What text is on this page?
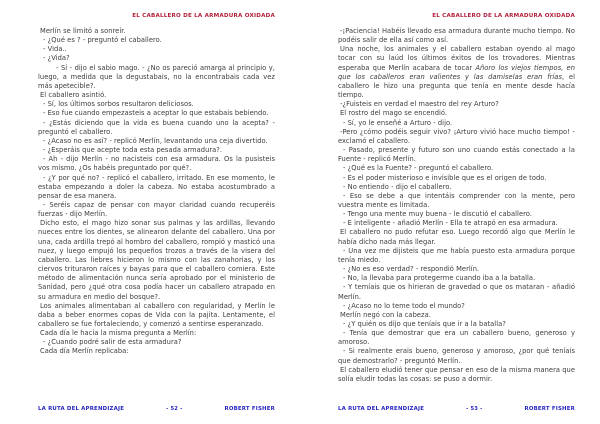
EL CABALLERO DE LA ARMADURA OXIDADA

Merlín se limitó a sonreír.

- ¿Qué es ? - preguntó el caballero.

- Vida..

- ¿Vida?

- Sí - dijo el sabio mago. - ¿No os pareció amarga al principio y, luego, a medida que la degustabais, no la encontrabais cada vez más apetecible?.

El caballero asintió.

- Sí, los últimos sorbos resultaron deliciosos.

- Eso fue cuando empezasteis a aceptar lo que estabais bebiendo.

- ¿Estás diciendo que la vida es buena cuando uno la acepta? - preguntó el caballero.

- ¿Acaso no es así? - replicó Merlín, levantando una ceja divertido.

- ¿Esperáis que acepte toda esta pesada armadura?.

- Ah - dijo Merlín - no nacisteis con esa armadura. Os la pusisteis vos mismo. ¿Os habéis preguntado por qué?.

- ¿Y por qué no? - replicó el caballero, irritado. En ese momento, le estaba empezando a doler la cabeza. No estaba acostumbrado a pensar de esa manera.

- Seréis capaz de pensar con mayor claridad cuando recuperéis fuerzas - dijo Merlín.

Dicho esto, el mago hizo sonar sus palmas y las ardillas, llevando nueces entre los dientes, se alinearon delante del caballero. Una por una, cada ardilla trepó al hombro del caballero, rompió y masticó una nuez, y luego empujó los pequeños trozos a través de la visera del caballero. Las liebres hicieron lo mismo con las zanahorias, y los ciervos trituraron raíces y bayas para que el caballero comiera. Este método de alimentación nunca sería aprobado por el ministerio de Sanidad, pero ¿qué otra cosa podía hacer un caballero atrapado en su armadura en medio del bosque?.

Los animales alimentaban al caballero con regularidad, y Merlín le daba a beber enormes copas de Vida con la pajita. Lentamente, el caballero se fue fortaleciendo, y comenzó a sentirse esperanzado.

Cada día le hacía la misma pregunta a Merlín:

- ¿Cuando podré salir de esta armadura?

Cada día Merlín replicaba:

LA RUTA DEL APRENDIZAJE	- 52 -	ROBERT FISHER
EL CABALLERO DE LA ARMADURA OXIDADA

-¡Paciencia! Habéis llevado esa armadura durante mucho tiempo. No podéis salir de ella así como así.

Una noche, los animales y el caballero estaban oyendo al mago tocar con su laúd los últimos éxitos de los trovadores. Mientras esperaba que Merlín acabara de tocar Añoro los viejos tiempos, en que los caballeros eran valientes y las damiselas eran frías, el caballero le hizo una pregunta que tenía en mente desde hacía tiempo.

-¿Fuisteis en verdad el maestro del rey Arturo?

El rostro del mago se encendió.

- Sí, yo le enseñé a Arturo - dijo.

-Pero ¿cómo podéis seguir vivo? ¡Arturo vivió hace mucho tiempo! - exclamó el caballero.

- Pasado, presente y futuro son uno cuando estás conectado a la Fuente - replicó Merlín.

- ¿Qué es la Fuente? - preguntó el caballero.

- Es el poder misterioso e invisible que es el origen de todo.

- No entiendo - dijo el caballero.

- Eso se debe a que intentáis comprender con la mente, pero vuestra mente es limitada.

- Tengo una mente muy buena - le discutió el caballero.

- E inteligente - añadió Merlín - Ella te atrapó en esa armadura.

El caballero no pudo refutar eso. Luego recordó algo que Merlín le había dicho nada más llegar.

- Una vez me dijisteis que me había puesto esta armadura porque tenía miedo.

- ¿No es eso verdad? - respondió Merlín.

- No, la llevaba para protegerme cuando iba a la batalla.

- Y temíais que os hirieran de gravedad o que os mataran - añadió Merlín.

- ¿Acaso no lo teme todo el mundo?

Merlín negó con la cabeza.

- ¿Y quién os dijo que teníais que ir a la batalla?

- Tenía que demostrar que era un caballero bueno, generoso y amoroso.

- Si realmente erais bueno, generoso y amoroso, ¿por qué teníais que demostrarlo? - preguntó Merlín.

El caballero eludió tener que pensar en eso de la misma manera que solía eludir todas las cosas: se puso a dormir.

LA RUTA DEL APRENDIZAJE	- 53 -	ROBERT FISHER
